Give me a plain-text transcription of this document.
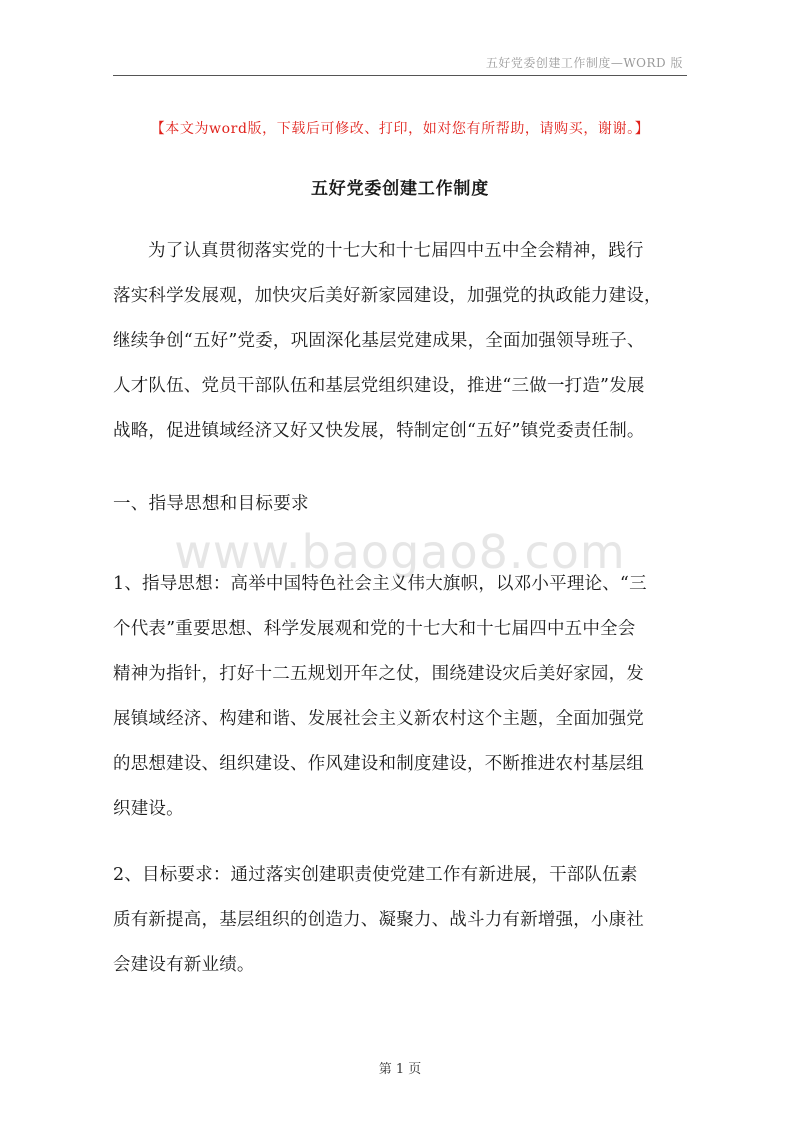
五好党委创建工作制度—WORD 版
【本文为word版，下载后可修改、打印，如对您有所帮助，请购买，谢谢。】
五好党委创建工作制度
为了认真贯彻落实党的十七大和十七届四中五中全会精神，践行
落实科学发展观，加快灾后美好新家园建设，加强党的执政能力建设，
继续争创“五好”党委，巩固深化基层党建成果，全面加强领导班子、
人才队伍、党员干部队伍和基层党组织建设，推进“三做一打造”发展
战略，促进镇域经济又好又快发展，特制定创“五好”镇党委责任制。
一、指导思想和目标要求
www.baogao8.com
1、指导思想：高举中国特色社会主义伟大旗帜，以邓小平理论、“三
个代表”重要思想、科学发展观和党的十七大和十七届四中五中全会
精神为指针，打好十二五规划开年之仗，围绕建设灾后美好家园，发
展镇域经济、构建和谐、发展社会主义新农村这个主题，全面加强党
的思想建设、组织建设、作风建设和制度建设，不断推进农村基层组
织建设。
2、目标要求：通过落实创建职责使党建工作有新进展，干部队伍素
质有新提高，基层组织的创造力、凝聚力、战斗力有新增强，小康社
会建设有新业绩。
第 1 页
